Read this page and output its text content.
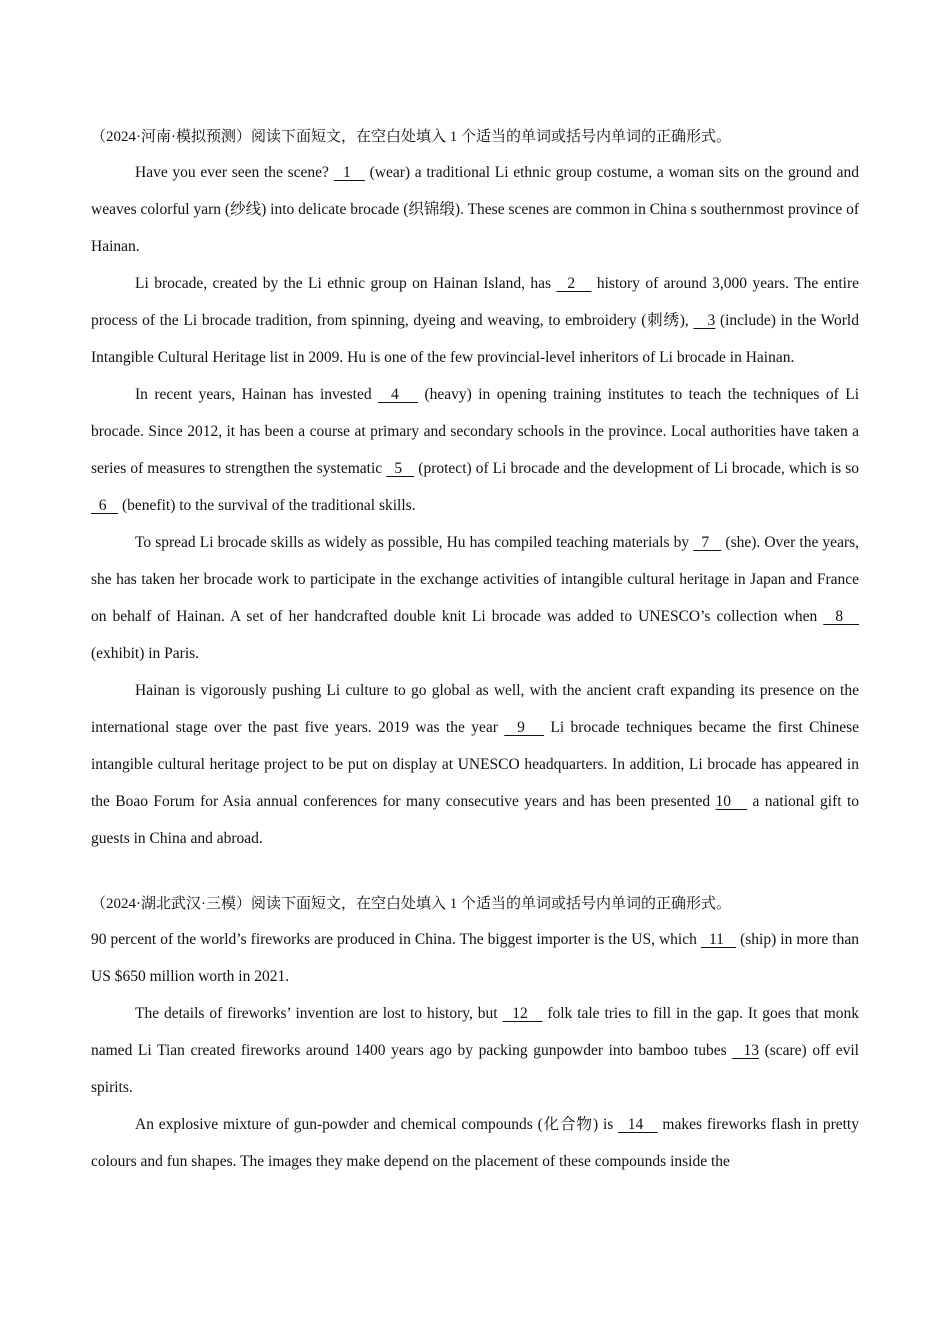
（2024·河南·模拟预测）阅读下面短文，在空白处填入 1 个适当的单词或括号内单词的正确形式。

Have you ever seen the scene?   1    (wear) a traditional Li ethnic group costume, a woman sits on the ground and weaves colorful yarn (纱线) into delicate brocade (织锦缎). These scenes are common in China s southernmost province of Hainan.

Li brocade, created by the Li ethnic group on Hainan Island, has   2    history of around 3,000 years. The entire process of the Li brocade tradition, from spinning, dyeing and weaving, to embroidery (刺绣),    3 (include) in the World Intangible Cultural Heritage list in 2009. Hu is one of the few provincial-level inheritors of Li brocade in Hainan.

In recent years, Hainan has invested   4    (heavy) in opening training institutes to teach the techniques of Li brocade. Since 2012, it has been a course at primary and secondary schools in the province. Local authorities have taken a series of measures to strengthen the systematic   5    (protect) of Li brocade and the development of Li brocade, which is so   6    (benefit) to the survival of the traditional skills.

To spread Li brocade skills as widely as possible, Hu has compiled teaching materials by   7    (she). Over the years, she has taken her brocade work to participate in the exchange activities of intangible cultural heritage in Japan and France on behalf of Hainan. A set of her handcrafted double knit Li brocade was added to UNESCO’s collection when   8    (exhibit) in Paris.

Hainan is vigorously pushing Li culture to go global as well, with the ancient craft expanding its presence on the international stage over the past five years. 2019 was the year   9    Li brocade techniques became the first Chinese intangible cultural heritage project to be put on display at UNESCO headquarters. In addition, Li brocade has appeared in the Boao Forum for Asia annual conferences for many consecutive years and has been presented 10    a national gift to guests in China and abroad.

（2024·湖北武汉·三模）阅读下面短文，在空白处填入 1 个适当的单词或括号内单词的正确形式。

90 percent of the world’s fireworks are produced in China. The biggest importer is the US, which   11    (ship) in more than US $650 million worth in 2021.

The details of fireworks’ invention are lost to history, but   12    folk tale tries to fill in the gap. It goes that monk named Li Tian created fireworks around 1400 years ago by packing gunpowder into bamboo tubes   13 (scare) off evil spirits.

An explosive mixture of gun-powder and chemical compounds (化合物) is   14    makes fireworks flash in pretty colours and fun shapes. The images they make depend on the placement of these compounds inside the
